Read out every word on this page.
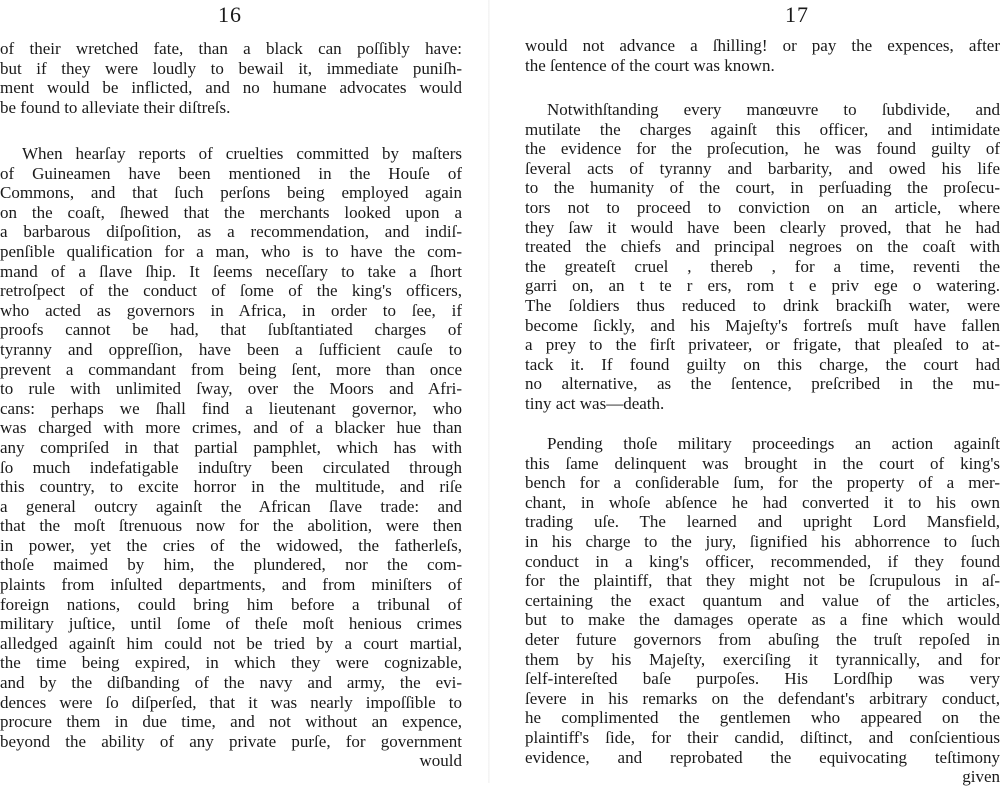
16
of their wretched fate, than a black can poſſibly have:
but if they were loudly to bewail it, immediate puniſh-
ment would be inflicted, and no humane advocates would
be found to alleviate their diſtreſs.
When hearſay reports of cruelties committed by maſters
of Guineamen have been mentioned in the Houſe of
Commons, and that ſuch perſons being employed again
on the coaſt, ſhewed that the merchants looked upon a
a barbarous diſpoſition, as a recommendation, and indiſ-
penſible qualification for a man, who is to have the com-
mand of a ſlave ſhip. It ſeems neceſſary to take a ſhort
retroſpect of the conduct of ſome of the king's officers,
who acted as governors in Africa, in order to ſee, if
proofs cannot be had, that ſubſtantiated charges of
tyranny and oppreſſion, have been a ſufficient cauſe to
prevent a commandant from being ſent, more than once
to rule with unlimited ſway, over the Moors and Afri-
cans: perhaps we ſhall find a lieutenant governor, who
was charged with more crimes, and of a blacker hue than
any compriſed in that partial pamphlet, which has with
ſo much indefatigable induſtry been circulated through
this country, to excite horror in the multitude, and riſe
a general outcry againſt the African ſlave trade: and
that the moſt ſtrenuous now for the abolition, were then
in power, yet the cries of the widowed, the fatherleſs,
thoſe maimed by him, the plundered, nor the com-
plaints from inſulted departments, and from miniſters of
foreign nations, could bring him before a tribunal of
military juſtice, until ſome of theſe moſt henious crimes
alledged againſt him could not be tried by a court martial,
the time being expired, in which they were cognizable,
and by the diſbanding of the navy and army, the evi-
dences were ſo diſperſed, that it was nearly impoſſible to
procure them in due time, and not without an expence,
beyond the ability of any private purſe, for government
would
17
would not advance a ſhilling! or pay the expences, after
the ſentence of the court was known.
Notwithſtanding every manœuvre to ſubdivide, and
mutilate the charges againſt this officer, and intimidate
the evidence for the proſecution, he was found guilty of
ſeveral acts of tyranny and barbarity, and owed his life
to the humanity of the court, in perſuading the proſecu-
tors not to proceed to conviction on an article, where
they ſaw it would have been clearly proved, that he had
treated the chiefs and principal negroes on the coaſt with
the greateſt cruel , thereb , for a time, reventi the
garri on, an t te r ers, rom t e priv ege o watering.
The ſoldiers thus reduced to drink brackiſh water, were
become ſickly, and his Majeſty's fortreſs muſt have fallen
a prey to the firſt privateer, or frigate, that pleaſed to at-
tack it. If found guilty on this charge, the court had
no alternative, as the ſentence, preſcribed in the mu-
tiny act was—death.
Pending thoſe military proceedings an action againſt
this ſame delinquent was brought in the court of king's
bench for a conſiderable ſum, for the property of a mer-
chant, in whoſe abſence he had converted it to his own
trading uſe. The learned and upright Lord Mansfield,
in his charge to the jury, ſignified his abhorrence to ſuch
conduct in a king's officer, recommended, if they found
for the plaintiff, that they might not be ſcrupulous in aſ-
certaining the exact quantum and value of the articles,
but to make the damages operate as a fine which would
deter future governors from abuſing the truſt repoſed in
them by his Majeſty, exerciſing it tyrannically, and for
ſelf-intereſted baſe purpoſes. His Lordſhip was very
ſevere in his remarks on the defendant's arbitrary conduct,
he complimented the gentlemen who appeared on the
plaintiff's ſide, for their candid, diſtinct, and conſcientious
evidence, and reprobated the equivocating teſtimony
given
